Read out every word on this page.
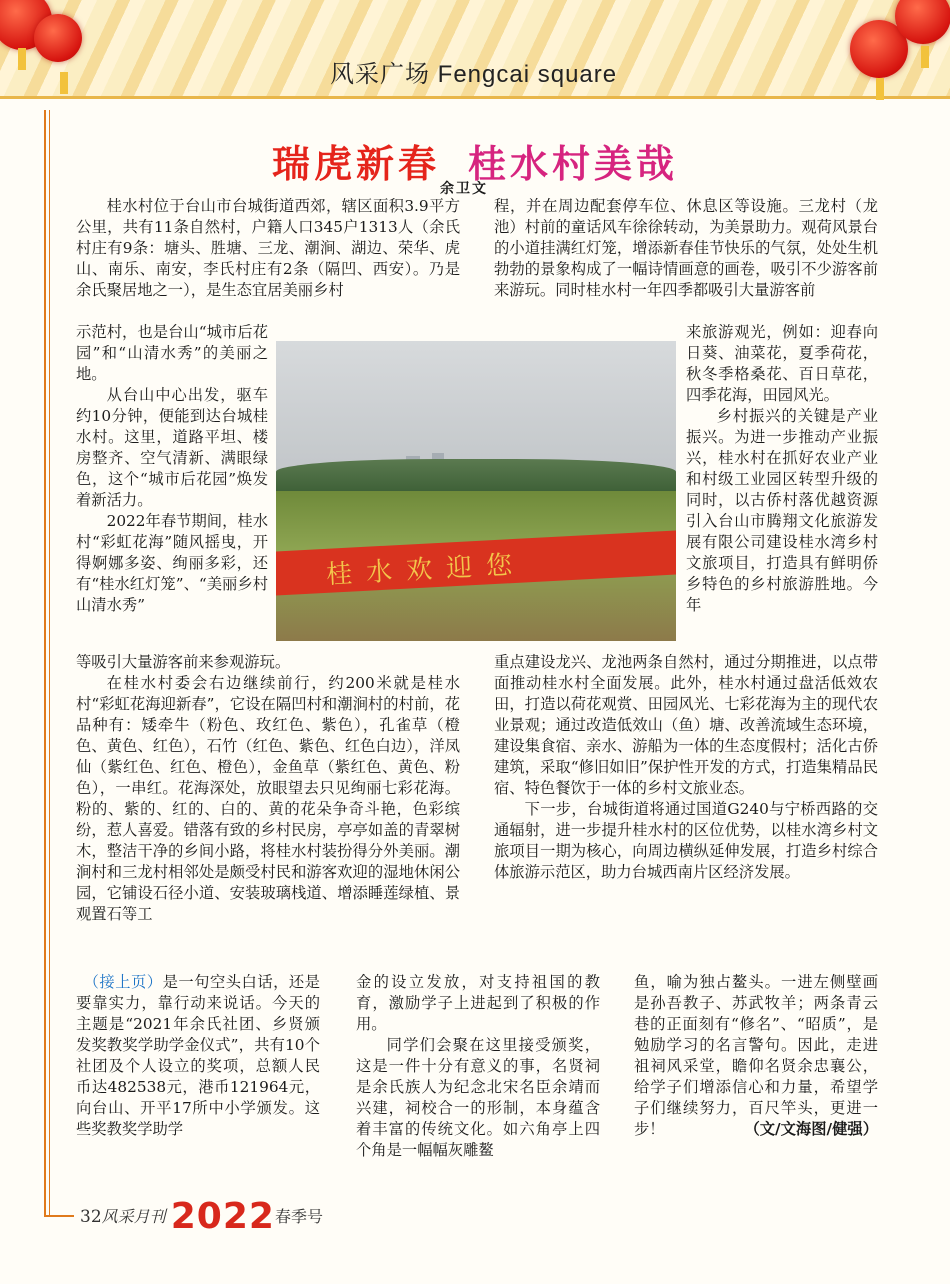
风采广场 Fengcai square
瑞虎新春 桂水村美哉
余卫文

桂水村位于台山市台城街道西郊，辖区面积3.9平方公里，共有11条自然村，户籍人口345户1313人（余氏村庄有9条：塘头、胜塘、三龙、潮涧、湖边、荣华、虎山、南乐、南安，李氏村庄有2条（隔凹、西安）。乃是余氏聚居地之一），是生态宜居美丽乡村

示范村，也是台山“城市后花园”和“山清水秀”的美丽之地。

从台山中心出发，驱车约10分钟，便能到达台城桂水村。这里，道路平坦、楼房整齐、空气清新、满眼绿色，这个“城市后花园”焕发着新活力。

2022年春节期间，桂水村“彩虹花海”随风摇曳，开得婀娜多姿、绚丽多彩，还有“桂水红灯笼”、“美丽乡村山清水秀”

等吸引大量游客前来参观游玩。

在桂水村委会右边继续前行，约200米就是桂水村“彩虹花海迎新春”，它设在隔凹村和潮涧村的村前，花品种有：矮牵牛（粉色、玫红色、紫色），孔雀草（橙色、黄色、红色），石竹（红色、紫色、红色白边），洋凤仙（紫红色、红色、橙色），金鱼草（紫红色、黄色、粉色），一串红。花海深处，放眼望去只见绚丽七彩花海。粉的、紫的、红的、白的、黄的花朵争奇斗艳，色彩缤纷，惹人喜爱。错落有致的乡村民房，亭亭如盖的青翠树木，整洁干净的乡间小路，将桂水村装扮得分外美丽。潮涧村和三龙村相邻处是颇受村民和游客欢迎的湿地休闲公园，它铺设石径小道、安装玻璃栈道、增添睡莲绿植、景观置石等工

程，并在周边配套停车位、休息区等设施。三龙村（龙池）村前的童话风车徐徐转动，为美景助力。观荷风景台的小道挂满红灯笼，增添新春佳节快乐的气氛，处处生机勃勃的景象构成了一幅诗情画意的画卷，吸引不少游客前来游玩。同时桂水村一年四季都吸引大量游客前

来旅游观光，例如：迎春向日葵、油菜花，夏季荷花，秋冬季格桑花、百日草花，四季花海，田园风光。

乡村振兴的关键是产业振兴。为进一步推动产业振兴，桂水村在抓好农业产业和村级工业园区转型升级的同时，以古侨村落优越资源引入台山市腾翔文化旅游发展有限公司建设桂水湾乡村文旅项目，打造具有鲜明侨乡特色的乡村旅游胜地。今年

重点建设龙兴、龙池两条自然村，通过分期推进，以点带面推动桂水村全面发展。此外，桂水村通过盘活低效农田，打造以荷花观赏、田园风光、七彩花海为主的现代农业景观；通过改造低效山（鱼）塘、改善流域生态环境，建设集食宿、亲水、游船为一体的生态度假村；活化古侨建筑，采取“修旧如旧”保护性开发的方式，打造集精品民宿、特色餐饮于一体的乡村文旅业态。

下一步，台城街道将通过国道G240与宁桥西路的交通辐射，进一步提升桂水村的区位优势，以桂水湾乡村文旅项目一期为核心，向周边横纵延伸发展，打造乡村综合体旅游示范区，助力台城西南片区经济发展。

桂水欢迎您

（接上页）是一句空头白话，还是要靠实力，靠行动来说话。今天的主题是“2021年余氏社团、乡贤颁发奖教奖学助学金仪式”，共有10个社团及个人设立的奖项，总额人民币达482538元，港币121964元，向台山、开平17所中小学颁发。这些奖教奖学助学

金的设立发放，对支持祖国的教育，激励学子上进起到了积极的作用。

同学们会聚在这里接受颁奖，这是一件十分有意义的事，名贤祠是余氏族人为纪念北宋名臣余靖而兴建，祠校合一的形制，本身蕴含着丰富的传统文化。如六角亭上四个角是一幅幅灰雕鳌

鱼，喻为独占鳌头。一进左侧壁画是孙吾教子、苏武牧羊；两条青云巷的正面刻有“修名”、“昭质”，是勉励学习的名言警句。因此，走进祖祠风采堂，瞻仰名贤余忠襄公，给学子们增添信心和力量，希望学子们继续努力，百尺竿头，更进一步！	（文/文海图/健强）

32风采月刊 2022春季号
